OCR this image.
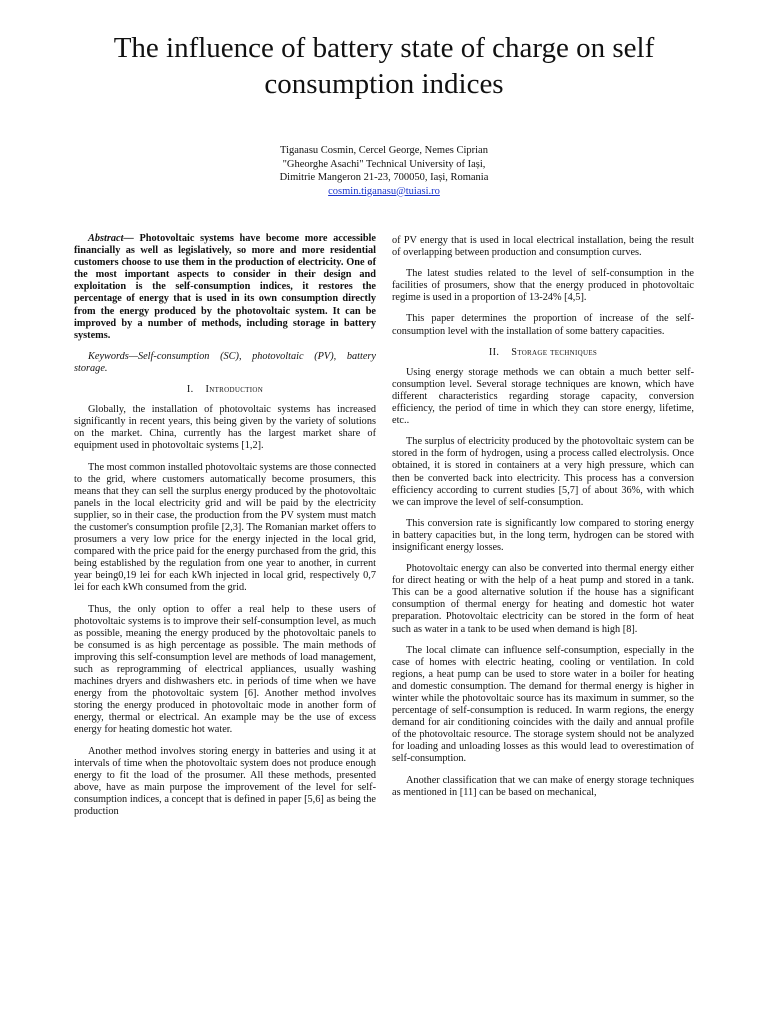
The influence of battery state of charge on self consumption indices
Tiganasu Cosmin, Cercel George, Nemes Ciprian
"Gheorghe Asachi" Technical University of Iași,
Dimitrie Mangeron 21-23, 700050, Iași, Romania
cosmin.tiganasu@tuiasi.ro

Abstract— Photovoltaic systems have become more accessible financially as well as legislatively, so more and more residential customers choose to use them in the production of electricity. One of the most important aspects to consider in their design and exploitation is the self-consumption indices, it restores the percentage of energy that is used in its own consumption directly from the energy produced by the photovoltaic system. It can be improved by a number of methods, including storage in battery systems.

Keywords—Self-consumption (SC), photovoltaic (PV), battery storage.

I. Introduction

Globally, the installation of photovoltaic systems has increased significantly in recent years, this being given by the variety of solutions on the market. China, currently has the largest market share of equipment used in photovoltaic systems [1,2].

The most common installed photovoltaic systems are those connected to the grid, where customers automatically become prosumers, this means that they can sell the surplus energy produced by the photovoltaic panels in the local electricity grid and will be paid by the electricity supplier, so in their case, the production from the PV system must match the customer's consumption profile [2,3]. The Romanian market offers to prosumers a very low price for the energy injected in the local grid, compared with the price paid for the energy purchased from the grid, this being established by the regulation from one year to another, in current year being0,19 lei for each kWh injected in local grid, respectively 0,7 lei for each kWh consumed from the grid.

Thus, the only option to offer a real help to these users of photovoltaic systems is to improve their self-consumption level, as much as possible, meaning the energy produced by the photovoltaic panels to be consumed is as high percentage as possible. The main methods of improving this self-consumption level are methods of load management, such as reprogramming of electrical appliances, usually washing machines dryers and dishwashers etc. in periods of time when we have energy from the photovoltaic system [6]. Another method involves storing the energy produced in photovoltaic mode in another form of energy, thermal or electrical. An example may be the use of excess energy for heating domestic hot water.

Another method involves storing energy in batteries and using it at intervals of time when the photovoltaic system does not produce enough energy to fit the load of the prosumer. All these methods, presented above, have as main purpose the improvement of the level for self-consumption indices, a concept that is defined in paper [5,6] as being the production

of PV energy that is used in local electrical installation, being the result of overlapping between production and consumption curves.

The latest studies related to the level of self-consumption in the facilities of prosumers, show that the energy produced in photovoltaic regime is used in a proportion of 13-24% [4,5].

This paper determines the proportion of increase of the self-consumption level with the installation of some battery capacities.

II. Storage techniques

Using energy storage methods we can obtain a much better self-consumption level. Several storage techniques are known, which have different characteristics regarding storage capacity, conversion efficiency, the period of time in which they can store energy, lifetime, etc..

The surplus of electricity produced by the photovoltaic system can be stored in the form of hydrogen, using a process called electrolysis. Once obtained, it is stored in containers at a very high pressure, which can then be converted back into electricity. This process has a conversion efficiency according to current studies [5,7] of about 36%, with which we can improve the level of self-consumption.

This conversion rate is significantly low compared to storing energy in battery capacities but, in the long term, hydrogen can be stored with insignificant energy losses.

Photovoltaic energy can also be converted into thermal energy either for direct heating or with the help of a heat pump and stored in a tank. This can be a good alternative solution if the house has a significant consumption of thermal energy for heating and domestic hot water preparation. Photovoltaic electricity can be stored in the form of heat such as water in a tank to be used when demand is high [8].

The local climate can influence self-consumption, especially in the case of homes with electric heating, cooling or ventilation. In cold regions, a heat pump can be used to store water in a boiler for heating and domestic consumption. The demand for thermal energy is higher in winter while the photovoltaic source has its maximum in summer, so the percentage of self-consumption is reduced. In warm regions, the energy demand for air conditioning coincides with the daily and annual profile of the photovoltaic resource. The storage system should not be analyzed for loading and unloading losses as this would lead to overestimation of self-consumption.

Another classification that we can make of energy storage techniques as mentioned in [11] can be based on mechanical,
